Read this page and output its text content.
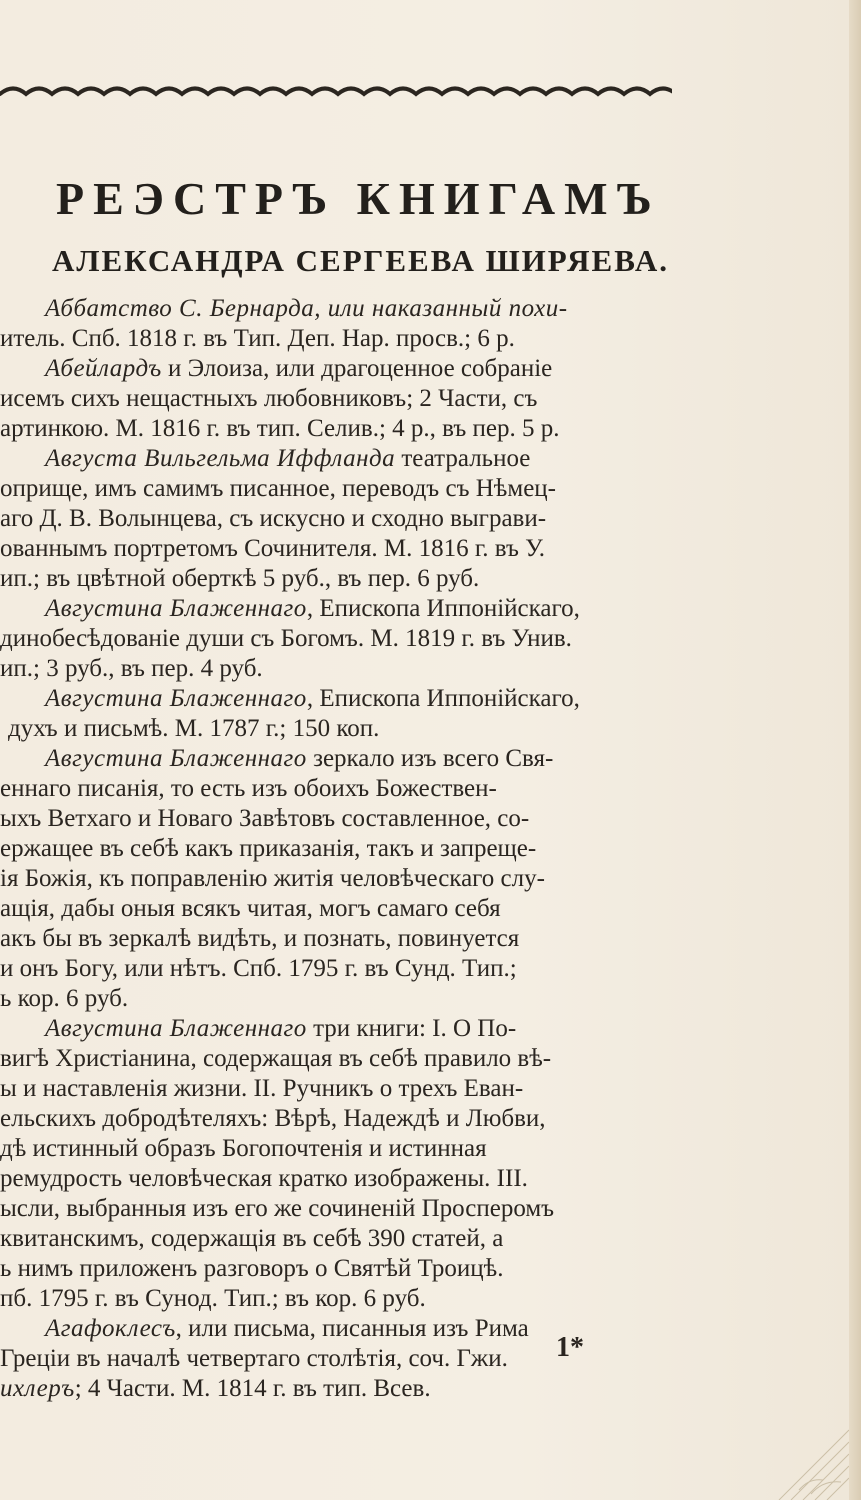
РЕЭСТРЪ КНИГАМЪ
АЛЕКСАНДРА СЕРГЕЕВА ШИРЯЕВА.
Аббатство С. Бернарда, или наказанный похи-
итель. Спб. 1818 г. въ Тип. Деп. Нар. просв.; 6 р.
Абейлардъ и Элоиза, или драгоценное собраніе
исемъ сихъ нещастныхъ любовниковъ; 2 Части, съ
артинкою. М. 1816 г. въ тип. Селив.; 4 р., въ пер. 5 р.
Августа Вильгельма Иффланда театральное
оприще, имъ самимъ писанное, переводъ съ Нѣмец-
аго Д. В. Волынцева, съ искусно и сходно выграви-
ованнымъ портретомъ Сочинителя. М. 1816 г. въ У.
ип.; въ цвѣтной оберткѣ 5 руб., въ пер. 6 руб.
Августина Блаженнаго, Епископа Иппонійскаго,
динобесѣдованіе души съ Богомъ. М. 1819 г. въ Унив.
ип.; 3 руб., въ пер. 4 руб.
Августина Блаженнаго, Епископа Иппонійскаго,
духъ и письмѣ. М. 1787 г.; 150 коп.
Августина Блаженнаго зеркало изъ всего Свя-
еннаго писанія, то есть изъ обоихъ Божествен-
ыхъ Ветхаго и Новаго Завѣтовъ составленное, со-
ержащее въ себѣ какъ приказанія, такъ и запреще-
ія Божія, къ поправленію житія человѣческаго слу-
ащія, дабы оныя всякъ читая, могъ самаго себя
акъ бы въ зеркалѣ видѣть, и познать, повинуется
и онъ Богу, или нѣтъ. Спб. 1795 г. въ Сунд. Тип.;
ь кор. 6 руб.
Августина Блаженнаго три книги: I. О По-
вигѣ Христіанина, содержащая въ себѣ правило вѣ-
ы и наставленія жизни. II. Ручникъ о трехъ Еван-
ельскихъ добродѣтеляхъ: Вѣрѣ, Надеждѣ и Любви,
дѣ истинный образъ Богопочтенія и истинная
ремудрость человѣческая кратко изображены. III.
ысли, выбранныя изъ его же сочиненій Просперомъ
квитанскимъ, содержащія въ себѣ 390 статей, а
ь нимъ приложенъ разговоръ о Святѣй Троицѣ.
пб. 1795 г. въ Сунод. Тип.; въ кор. 6 руб.
Агафоклесъ, или письма, писанныя изъ Рима
Греціи въ началѣ четвертаго столѣтія, соч. Гжи.
ихлеръ; 4 Части. М. 1814 г. въ тип. Всев.
1*
